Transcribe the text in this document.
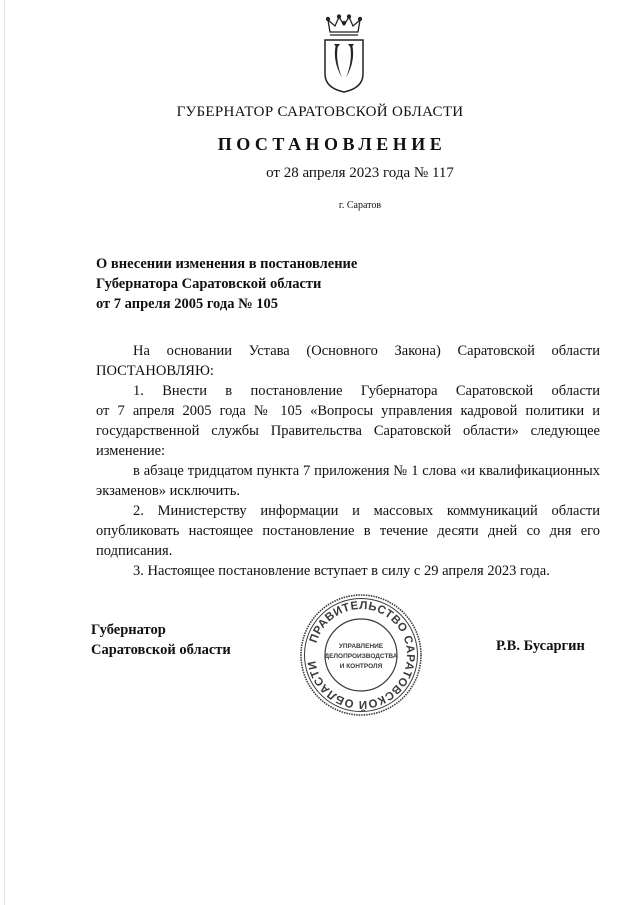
ГУБЕРНАТОР САРАТОВСКОЙ ОБЛАСТИ
ПОСТАНОВЛЕНИЕ
от 28 апреля 2023 года № 117
г. Саратов
О внесении изменения в постановление
Губернатора Саратовской области
от 7 апреля 2005 года № 105
На основании Устава (Основного Закона) Саратовской области
ПОСТАНОВЛЯЮ:
1. Внести в постановление Губернатора Саратовской области
от 7 апреля 2005 года № 105 «Вопросы управления кадровой политики и государственной службы Правительства Саратовской области» следующее изменение:
в абзаце тридцатом пункта 7 приложения № 1 слова «и квалификационных экзаменов» исключить.
2. Министерству информации и массовых коммуникаций области опубликовать настоящее постановление в течение десяти дней со дня его подписания.
3. Настоящее постановление вступает в силу с 29 апреля 2023 года.
Губернатор
Саратовской области	Р.В. Бусаргин
ПРАВИТЕЛЬСТВО САРАТОВСКОЙ ОБЛАСТИ
УПРАВЛЕНИЕ
ДЕЛОПРОИЗВОДСТВА
И КОНТРОЛЯ
